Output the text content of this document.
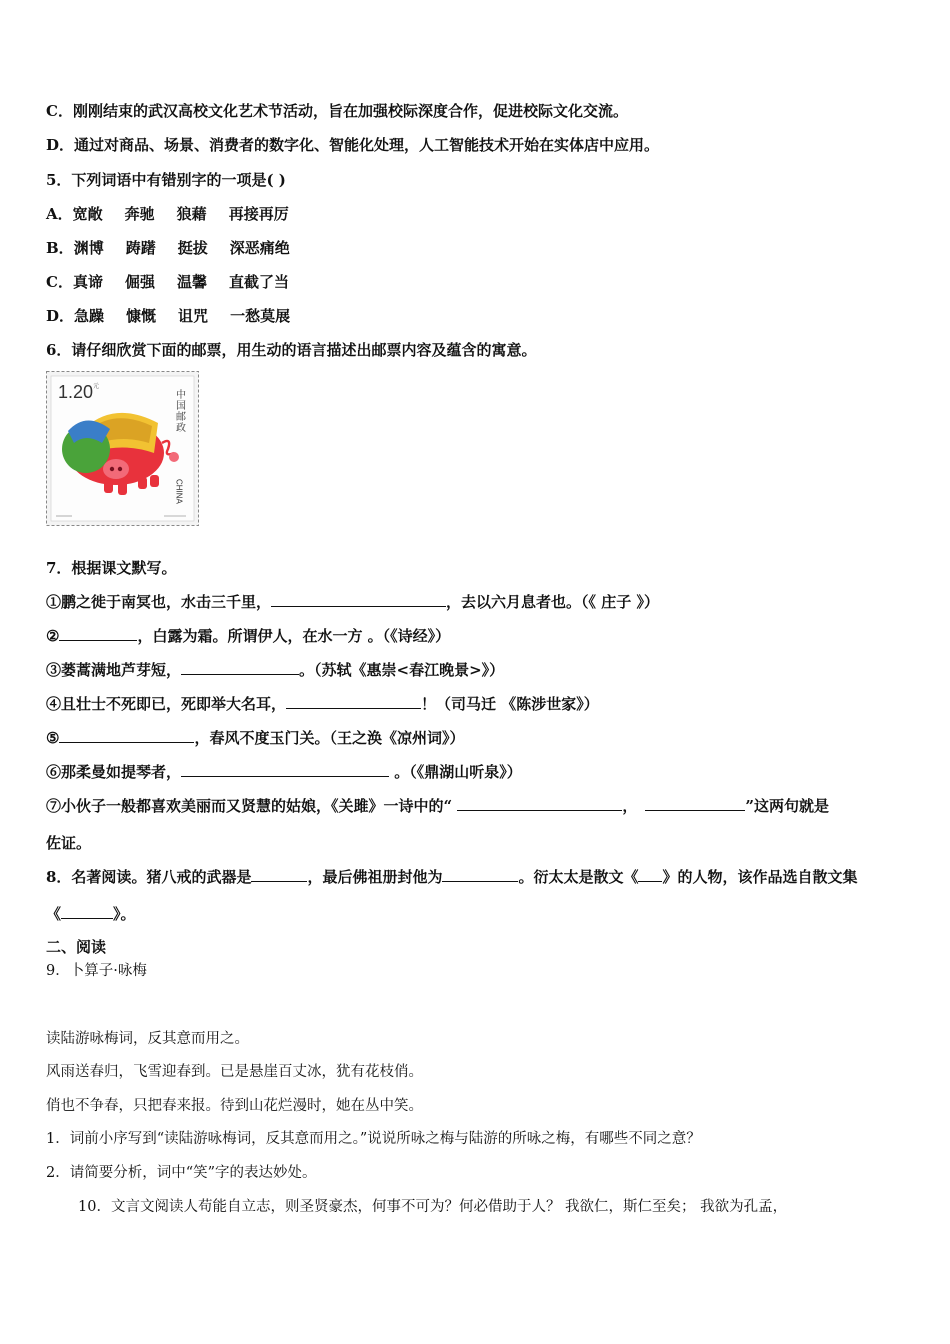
C．刚刚结束的武汉高校文化艺术节活动，旨在加强校际深度合作，促进校际文化交流。
D．通过对商品、场景、消费者的数字化、智能化处理，人工智能技术开始在实体店中应用。
5．下列词语中有错别字的一项是( )
A．宽敞 奔驰 狼藉 再接再厉
B．渊博 踌躇 挺拔 深恶痛绝
C．真谛 倔强 温馨 直截了当
D．急躁 慷慨 诅咒 一愁莫展
6．请仔细欣赏下面的邮票，用生动的语言描述出邮票内容及蕴含的寓意。
1.20 元
中国邮政
CHINA
7．根据课文默写。
①鹏之徙于南冥也，水击三千里，	，去以六月息者也。（《 庄子 》）
②	，白露为霜。所谓伊人，在水一方 。（《诗经》）
③蒌蒿满地芦芽短，	。（苏轼《惠崇<春江晚景>》）
④且壮士不死即已，死即举大名耳，	！（司马迁 《陈涉世家》）
⑤	，春风不度玉门关。（王之涣《凉州词》）
⑥那柔曼如提琴者，	。（《鼎湖山听泉》）
⑦小伙子一般都喜欢美丽而又贤慧的姑娘，《关雎》一诗中的“	，	”这两句就是
佐证。
8．名著阅读。猪八戒的武器是	，最后佛祖册封他为	。衍太太是散文《 》的人物，该作品选自散文集
《	》。
二、阅读
9．卜算子·咏梅
读陆游咏梅词，反其意而用之。
风雨送春归，飞雪迎春到。已是悬崖百丈冰，犹有花枝俏。
俏也不争春，只把春来报。待到山花烂漫时，她在丛中笑。
1．词前小序写到“读陆游咏梅词，反其意而用之。”说说所咏之梅与陆游的所咏之梅，有哪些不同之意？
2．请简要分析，词中“笑”字的表达妙处。
10．文言文阅读人苟能自立志，则圣贤豪杰，何事不可为？何必借助于人？ 我欲仁，斯仁至矣； 我欲为孔孟，
